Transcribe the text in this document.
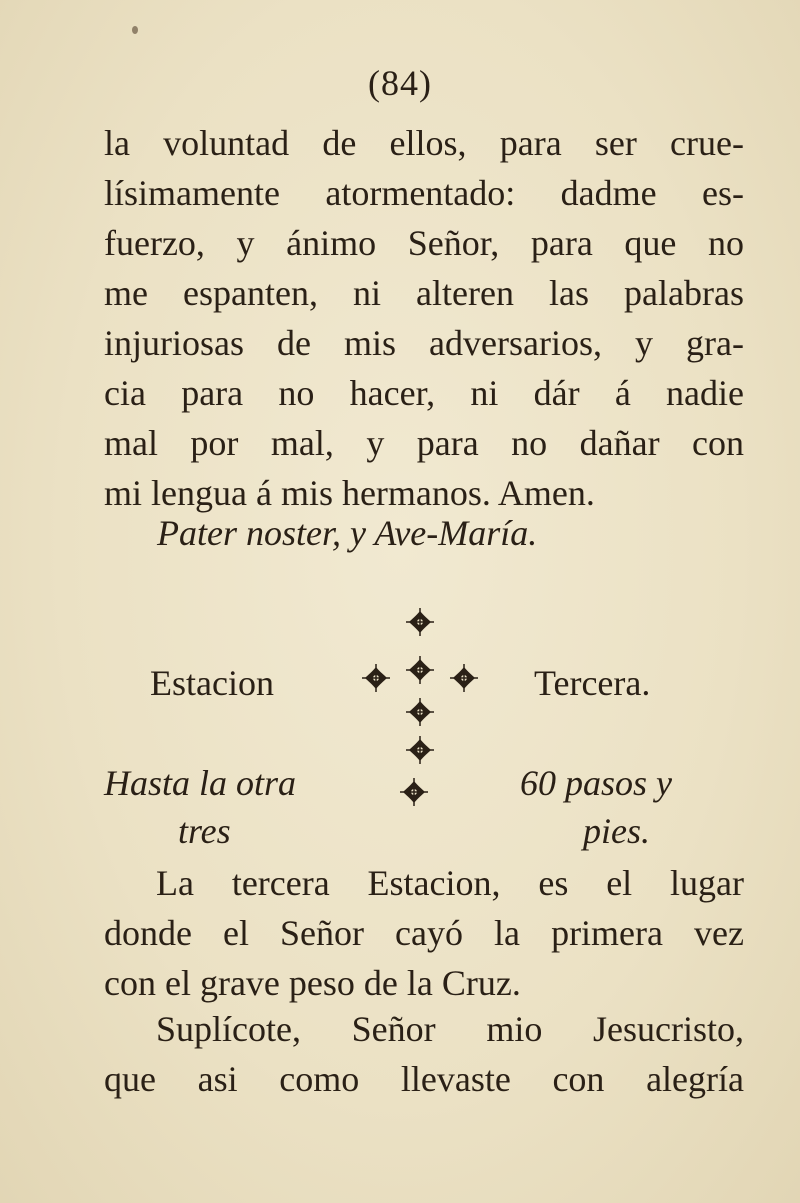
(84)
la voluntad de ellos, para ser crue-
lísimamente atormentado: dadme es-
fuerzo, y ánimo Señor, para que no
me espanten, ni alteren las palabras
injuriosas de mis adversarios, y gra-
cia para no hacer, ni dár á nadie
mal por mal, y para no dañar con
mi lengua á mis hermanos. Amen.
Pater noster, y Ave-María.
Estacion	Tercera.
Hasta la otra	60 pasos y
tres	pies.
La tercera Estacion, es el lugar
donde el Señor cayó la primera vez
con el grave peso de la Cruz.
Suplícote, Señor mio Jesucristo,
que asi como llevaste con alegría
